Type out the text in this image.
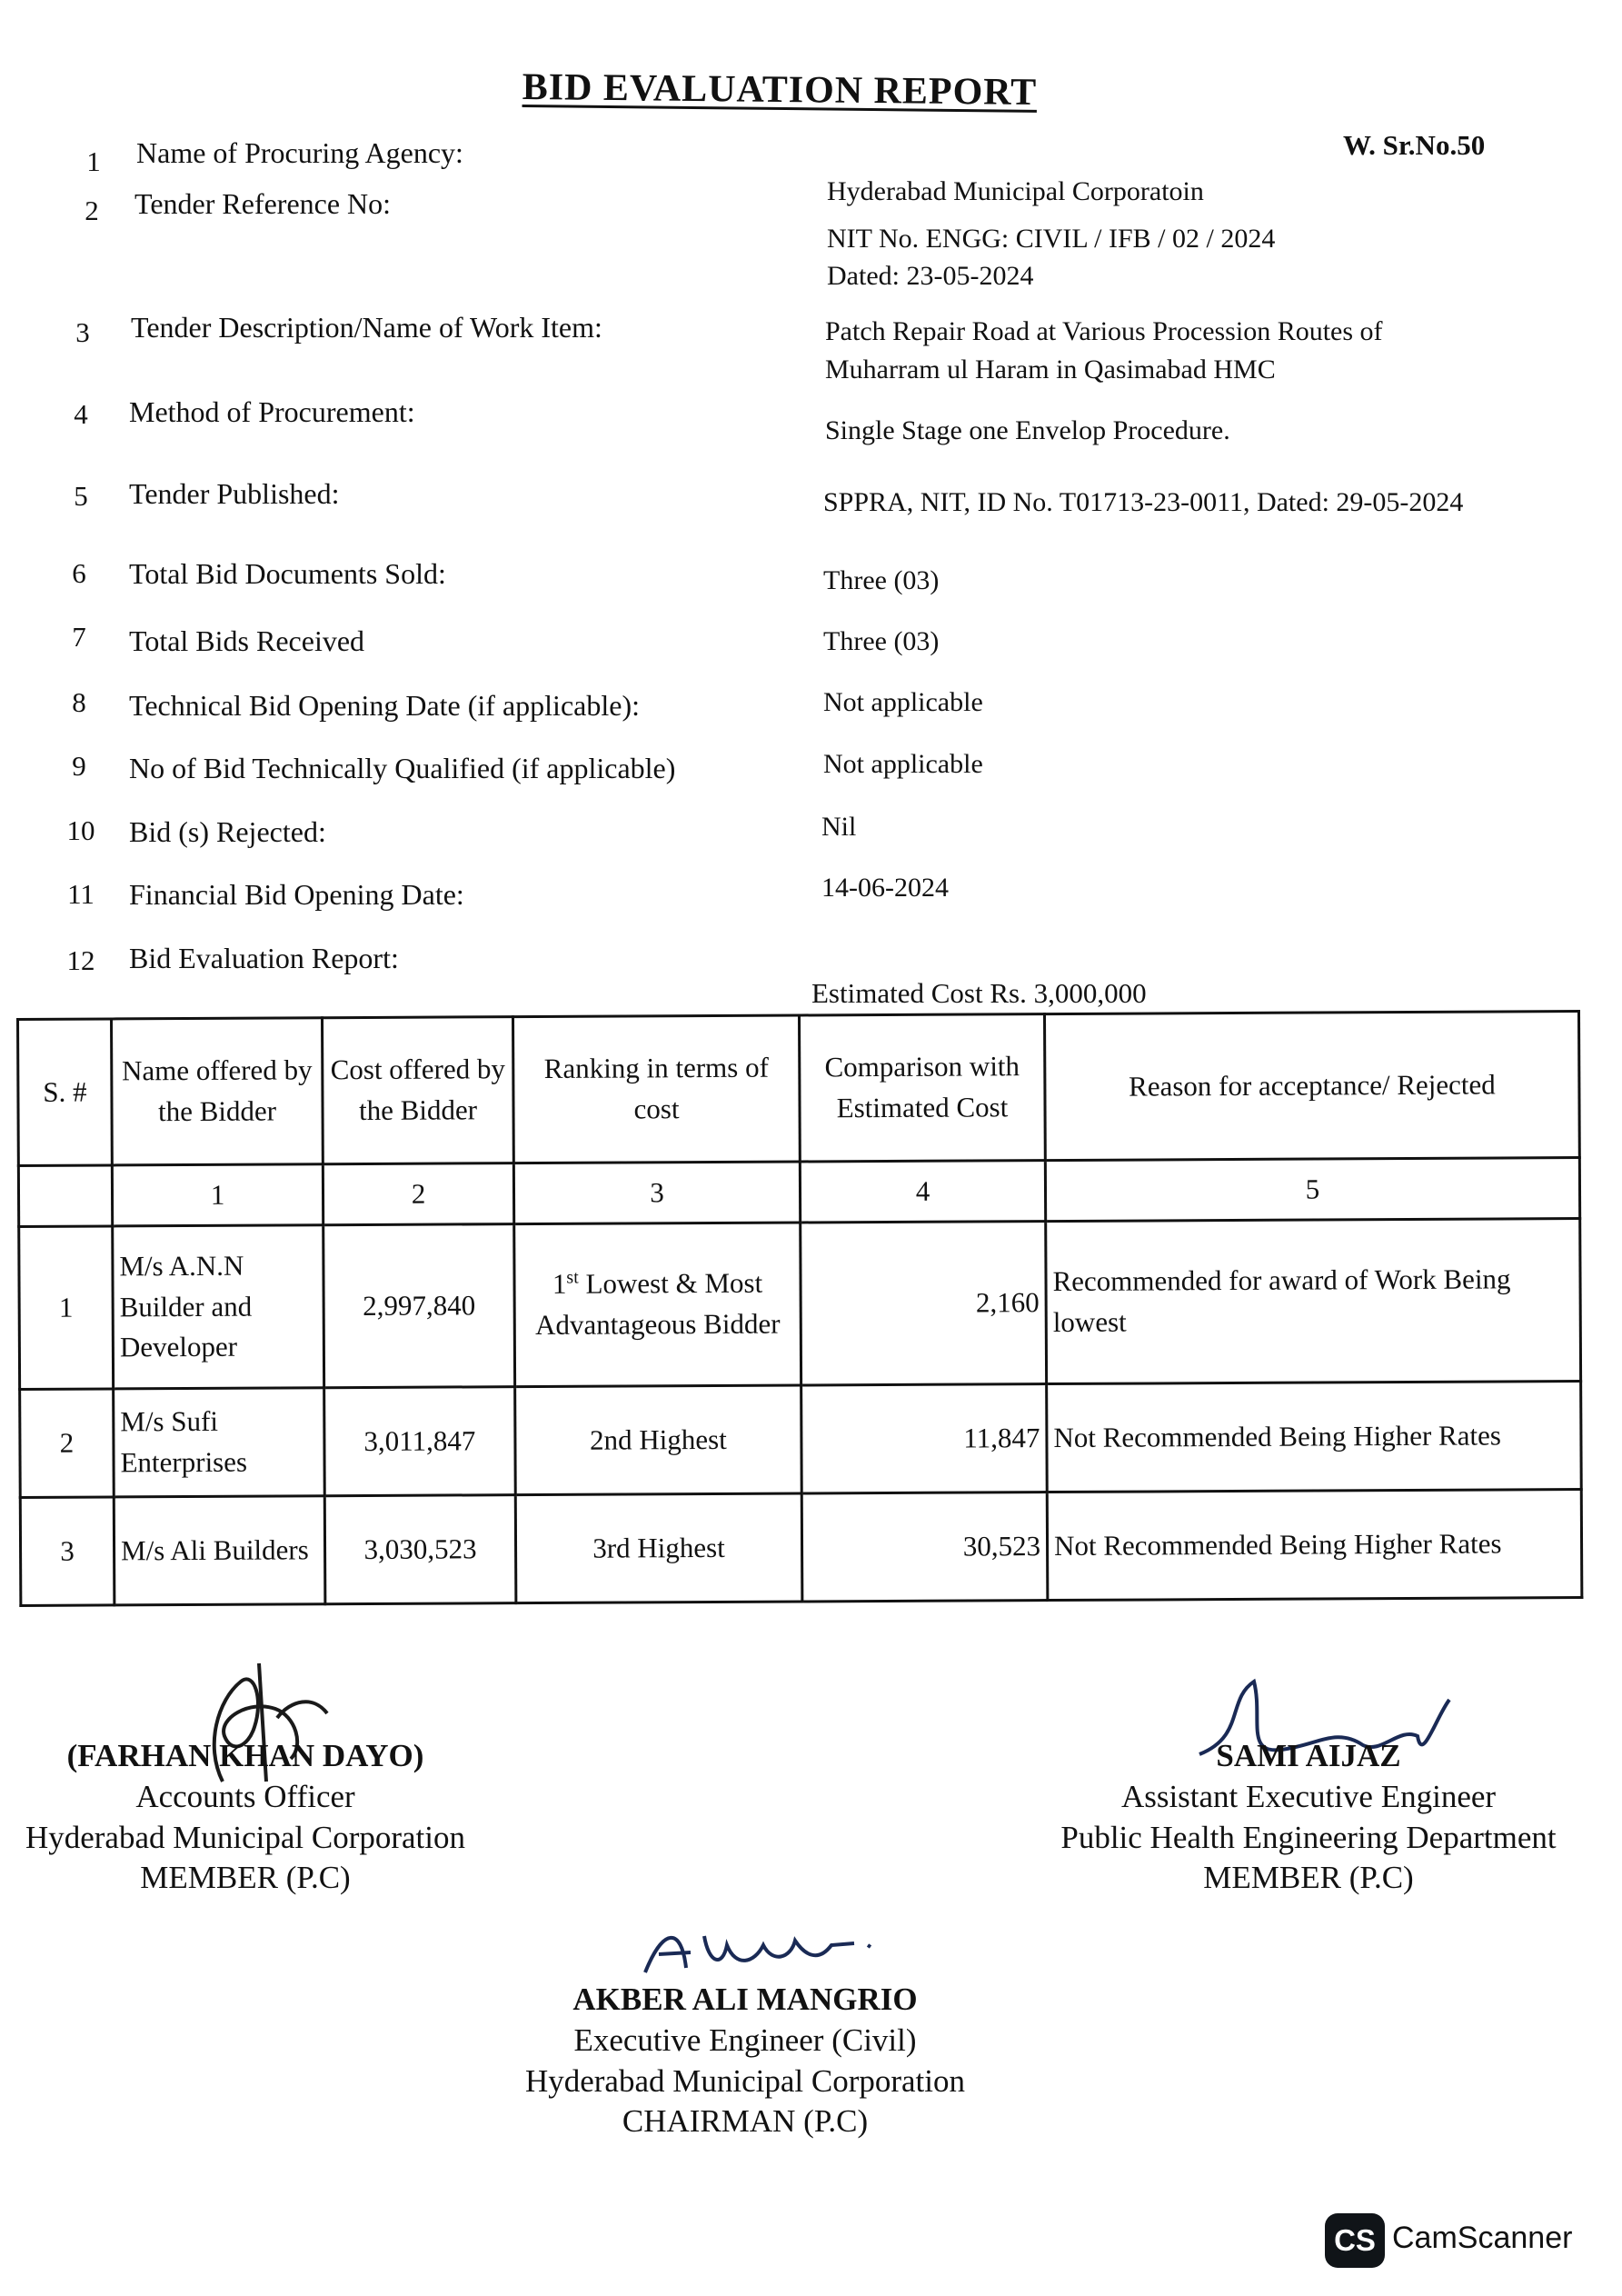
BID EVALUATION REPORT
W. Sr.No.50
1	Name of Procuring Agency:
Hyderabad Municipal Corporatoin
2	Tender Reference No:
NIT No. ENGG: CIVIL / IFB / 02 / 2024
Dated: 23-05-2024
3	Tender Description/Name of Work Item:	Patch Repair Road at Various Procession Routes of
Muharram ul Haram in Qasimabad HMC
4	Method of Procurement:
Single Stage one Envelop Procedure.
5	Tender Published:	SPPRA, NIT, ID No. T01713-23-0011, Dated: 29-05-2024
6	Total Bid Documents Sold:	Three (03)
7	Total Bids Received	Three (03)
8	Technical Bid Opening Date (if applicable):	Not applicable
9	No of Bid Technically Qualified (if applicable)	Not applicable
10 Bid (s) Rejected:	Nil
11	Financial Bid Opening Date:	14-06-2024
12 Bid Evaluation Report:
Estimated Cost Rs. 3,000,000
S. #	Name offered by the Bidder	Cost offered by the Bidder	Ranking in terms of cost	Comparison with Estimated Cost	Reason for acceptance/ Rejected
	1	2	3	4	5
1	M/s A.N.N Builder and Developer	2,997,840	1st Lowest & Most Advantageous Bidder	2,160	Recommended for award of Work Being lowest
2	M/s Sufi Enterprises	3,011,847	2nd Highest	11,847	Not Recommended Being Higher Rates
3	M/s Ali Builders	3,030,523	3rd Highest	30,523	Not Recommended Being Higher Rates
(FARHAN KHAN DAYO)
Accounts Officer
Hyderabad Municipal Corporation
MEMBER (P.C)
SAMI AIJAZ
Assistant Executive Engineer
Public Health Engineering Department
MEMBER (P.C)
AKBER ALI MANGRIO
Executive Engineer (Civil)
Hyderabad Municipal Corporation
CHAIRMAN (P.C)
CS CamScanner
